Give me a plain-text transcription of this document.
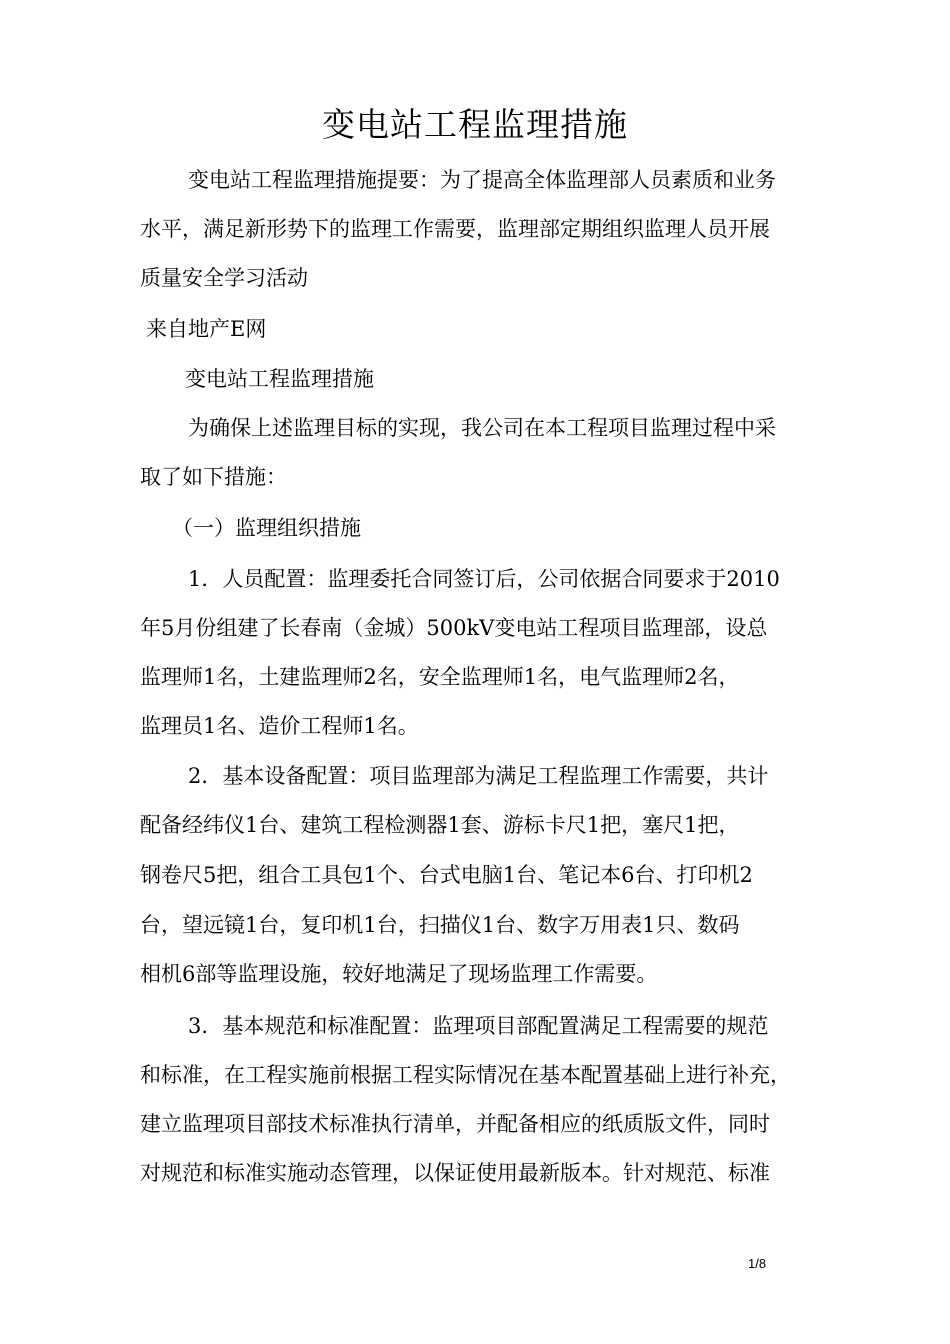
变电站工程监理措施
变电站工程监理措施提要：为了提高全体监理部人员素质和业务
水平，满足新形势下的监理工作需要，监理部定期组织监理人员开展
质量安全学习活动
来自地产E网
变电站工程监理措施
为确保上述监理目标的实现，我公司在本工程项目监理过程中采
取了如下措施：
（一）监理组织措施
1．人员配置：监理委托合同签订后，公司依据合同要求于2010
年5月份组建了长春南（金城）500kV变电站工程项目监理部，设总
监理师1名，土建监理师2名，安全监理师1名，电气监理师2名，
监理员1名、造价工程师1名。
2．基本设备配置：项目监理部为满足工程监理工作需要，共计
配备经纬仪1台、建筑工程检测器1套、游标卡尺1把，塞尺1把，
钢卷尺5把，组合工具包1个、台式电脑1台、笔记本6台、打印机2
台，望远镜1台，复印机1台，扫描仪1台、数字万用表1只、数码
相机6部等监理设施，较好地满足了现场监理工作需要。
3．基本规范和标准配置：监理项目部配置满足工程需要的规范
和标准，在工程实施前根据工程实际情况在基本配置基础上进行补充，
建立监理项目部技术标准执行清单，并配备相应的纸质版文件，同时
对规范和标准实施动态管理，以保证使用最新版本。针对规范、标准
1/8
